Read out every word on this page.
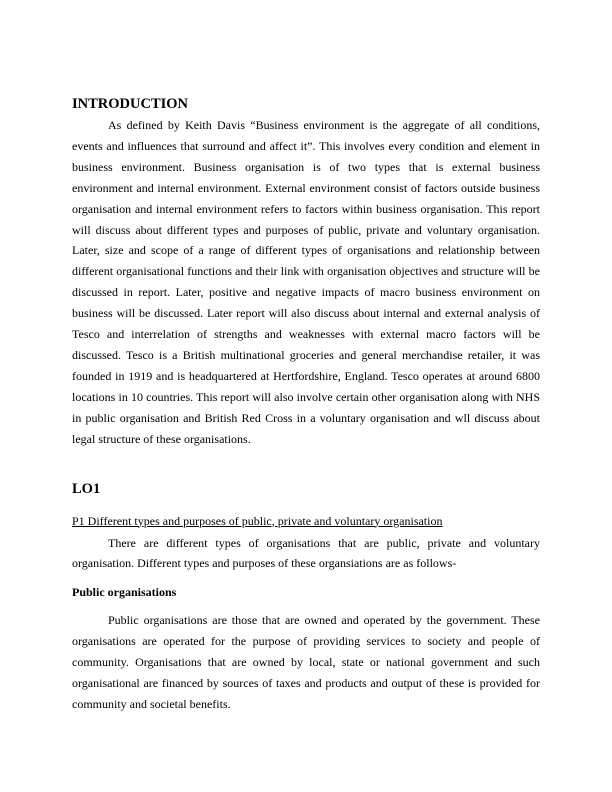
INTRODUCTION

As defined by Keith Davis “Business environment is the aggregate of all conditions, events and influences that surround and affect it”. This involves every condition and element in business environment. Business organisation is of two types that is external business environment and internal environment. External environment consist of factors outside business organisation and internal environment refers to factors within business organisation. This report will discuss about different types and purposes of public, private and voluntary organisation. Later, size and scope of a range of different types of organisations and relationship between different organisational functions and their link with organisation objectives and structure will be discussed in report. Later, positive and negative impacts of macro business environment on business will be discussed. Later report will also discuss about internal and external analysis of Tesco and interrelation of strengths and weaknesses with external macro factors will be discussed. Tesco is a British multinational groceries and general merchandise retailer, it was founded in 1919 and is headquartered at Hertfordshire, England. Tesco operates at around 6800 locations in 10 countries. This report will also involve certain other organisation along with NHS in public organisation and British Red Cross in a voluntary organisation and wll discuss about legal structure of these organisations.

LO1

P1 Different types and purposes of public, private and voluntary organisation

There are different types of organisations that are public, private and voluntary organisation. Different types and purposes of these organsiations are as follows-

Public organisations

Public organisations are those that are owned and operated by the government. These organisations are operated for the purpose of providing services to society and people of community. Organisations that are owned by local, state or national government and such organisational are financed by sources of taxes and products and output of these is provided for community and societal benefits.
